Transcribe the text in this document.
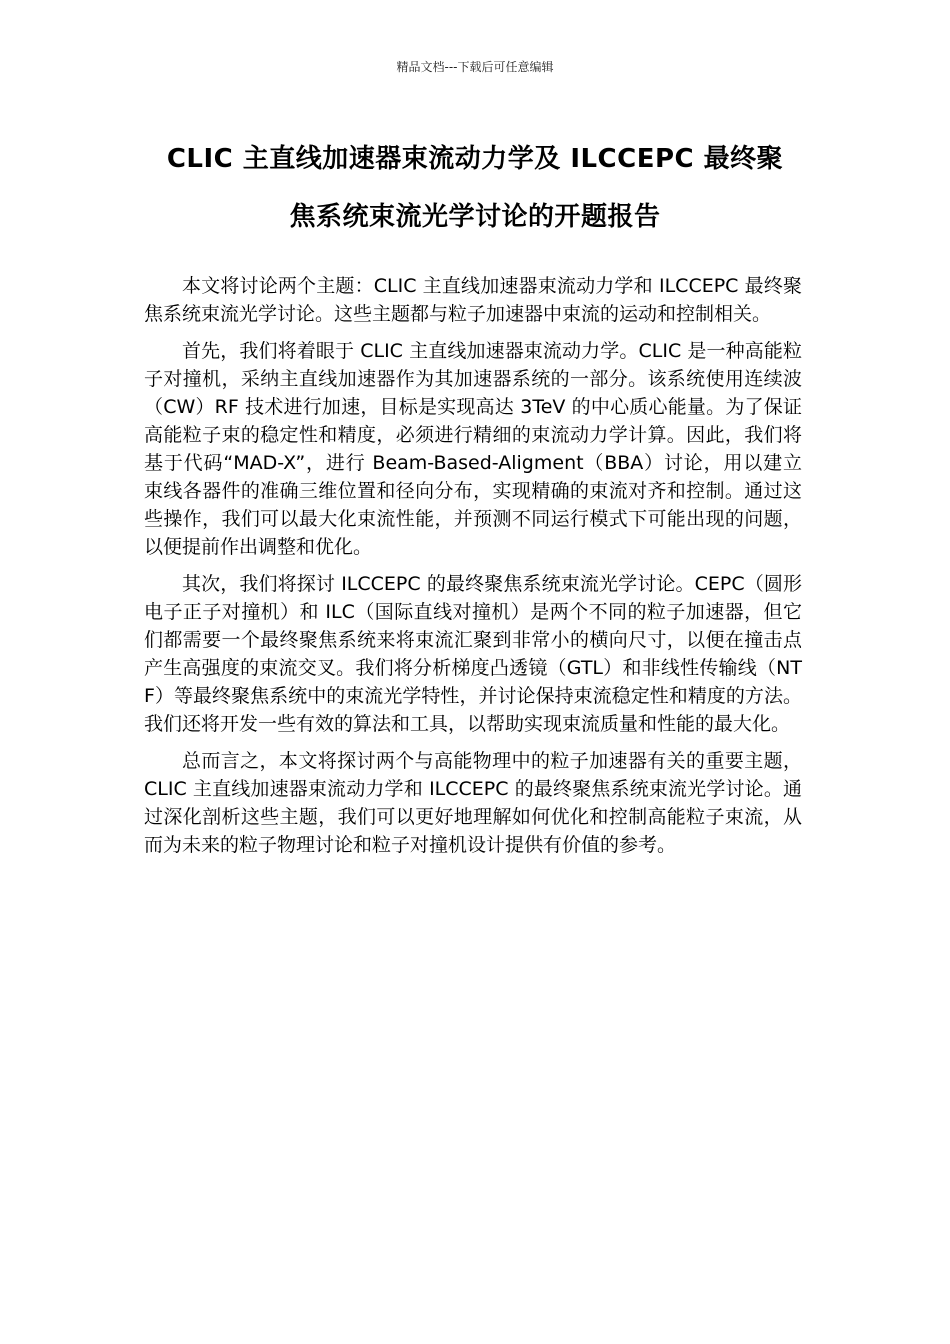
精品文档---下载后可任意编辑
CLIC 主直线加速器束流动力学及 ILCCEPC 最终聚
焦系统束流光学讨论的开题报告

本文将讨论两个主题：CLIC 主直线加速器束流动力学和 ILCCEPC 最终聚焦系统束流光学讨论。这些主题都与粒子加速器中束流的运动和控制相关。

首先，我们将着眼于 CLIC 主直线加速器束流动力学。CLIC 是一种高能粒子对撞机，采纳主直线加速器作为其加速器系统的一部分。该系统使用连续波（CW）RF 技术进行加速，目标是实现高达 3TeV 的中心质心能量。为了保证高能粒子束的稳定性和精度，必须进行精细的束流动力学计算。因此，我们将基于代码“MAD-X”，进行 Beam-Based-Aligment（BBA）讨论，用以建立束线各器件的准确三维位置和径向分布，实现精确的束流对齐和控制。通过这些操作，我们可以最大化束流性能，并预测不同运行模式下可能出现的问题，以便提前作出调整和优化。

其次，我们将探讨 ILCCEPC 的最终聚焦系统束流光学讨论。CEPC（圆形电子正子对撞机）和 ILC（国际直线对撞机）是两个不同的粒子加速器，但它们都需要一个最终聚焦系统来将束流汇聚到非常小的横向尺寸，以便在撞击点产生高强度的束流交叉。我们将分析梯度凸透镜（GTL）和非线性传输线（NTF）等最终聚焦系统中的束流光学特性，并讨论保持束流稳定性和精度的方法。我们还将开发一些有效的算法和工具，以帮助实现束流质量和性能的最大化。

总而言之，本文将探讨两个与高能物理中的粒子加速器有关的重要主题，CLIC 主直线加速器束流动力学和 ILCCEPC 的最终聚焦系统束流光学讨论。通过深化剖析这些主题，我们可以更好地理解如何优化和控制高能粒子束流，从而为未来的粒子物理讨论和粒子对撞机设计提供有价值的参考。
